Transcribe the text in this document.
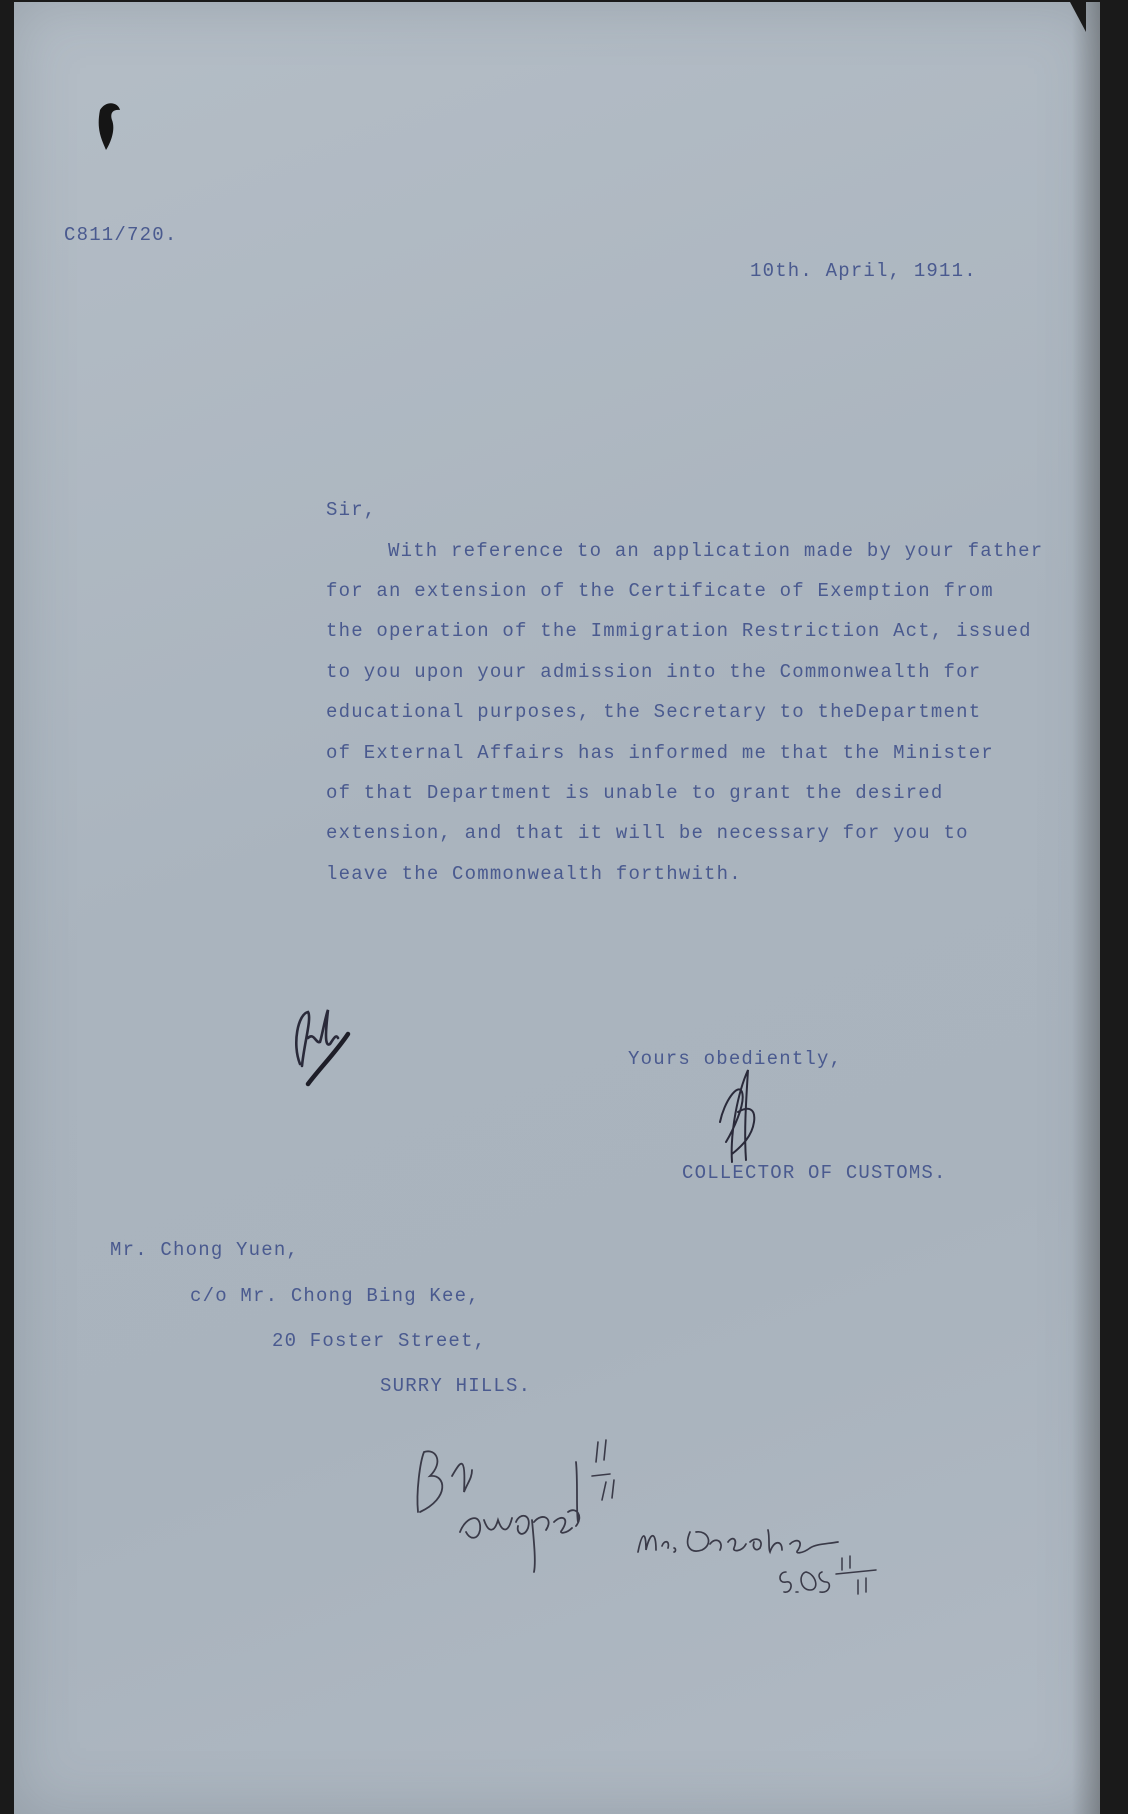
C811/720.

10th. April, 1911.

Sir,

With reference to an application made by your father

for an extension of the Certificate of Exemption from

the operation of the Immigration Restriction Act, issued

to you upon your admission into the Commonwealth for

educational purposes, the Secretary to theDepartment

of External Affairs has informed me that the Minister

of that Department is unable to grant the desired

extension, and that it will be necessary for you to

leave the Commonwealth forthwith.

Yours obediently,

COLLECTOR OF CUSTOMS.

Mr. Chong Yuen,

c/o Mr. Chong Bing Kee,

20 Foster Street,

SURRY HILLS.
